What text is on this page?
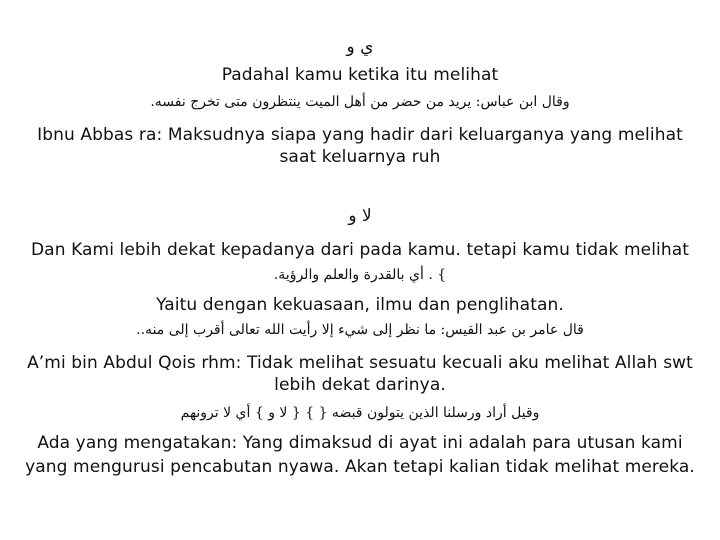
ي و
Padahal kamu ketika itu melihat
وقال ابن عباس: يريد من حضر من أهل الميت ينتظرون متى تخرج نفسه.
Ibnu Abbas ra: Maksudnya siapa yang hadir dari keluarganya yang melihat
saat keluarnya ruh
لا و
Dan Kami lebih dekat kepadanya dari pada kamu. tetapi kamu tidak melihat
} . أي بالقدرة والعلم والرؤية.
Yaitu dengan kekuasaan, ilmu dan penglihatan.
قال عامر بن عبد القيس: ما نظر إلى شيء إلا رأيت الله تعالى أقرب إلى منه..
A’mi bin Abdul Qois rhm: Tidak melihat sesuatu kecuali aku melihat Allah swt
lebih dekat darinya.
وقيل أراد ورسلنا الذين يتولون قبضه { } { لا و } أي لا ترونهم
Ada yang mengatakan: Yang dimaksud di ayat ini adalah para utusan kami
yang mengurusi pencabutan nyawa. Akan tetapi kalian tidak melihat mereka.
